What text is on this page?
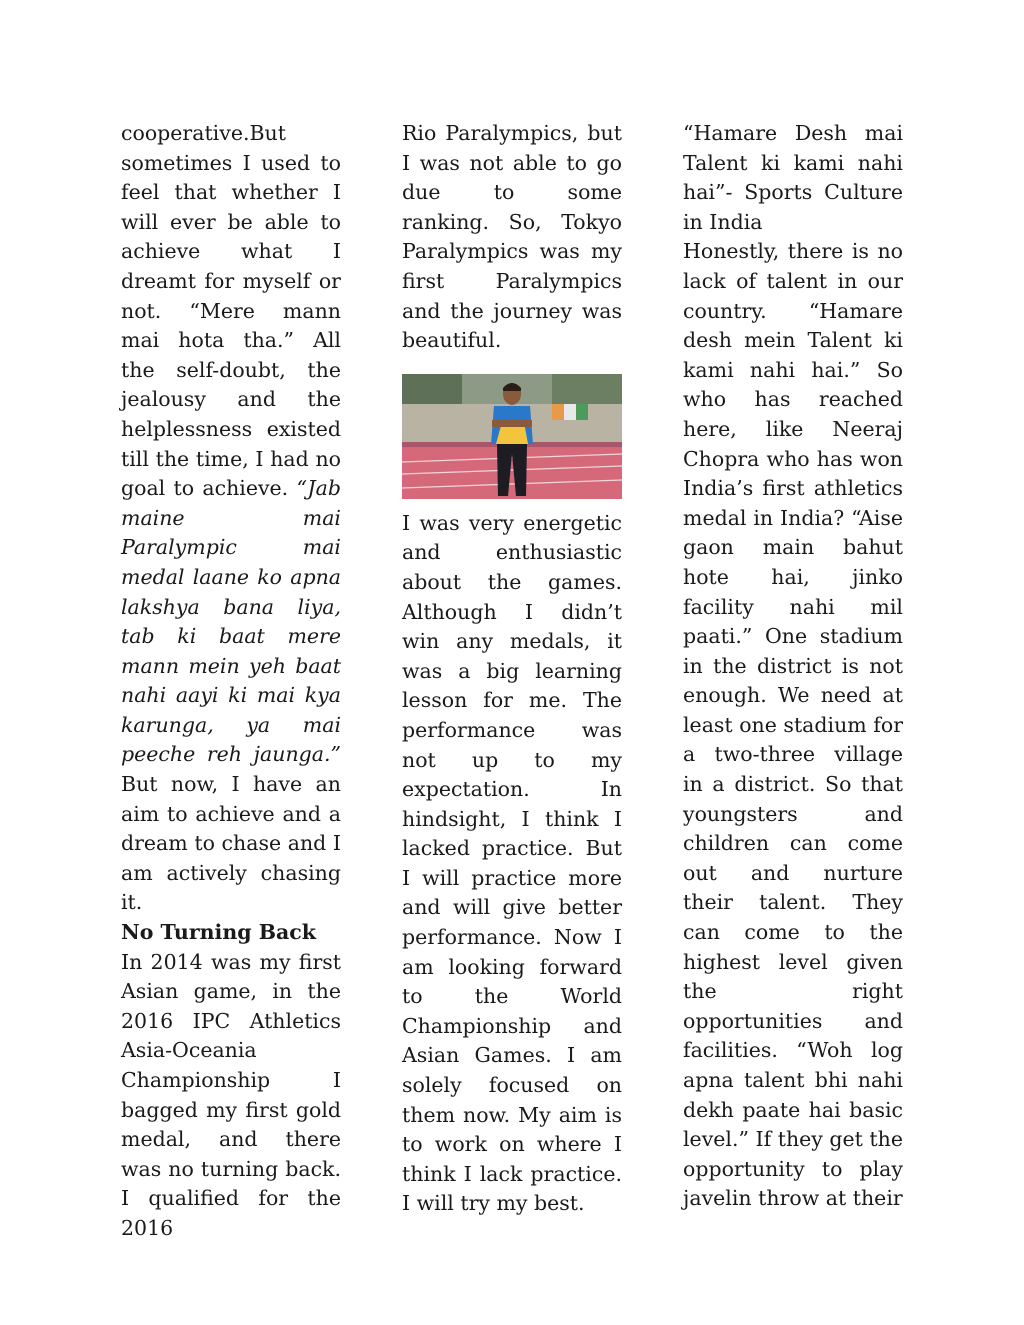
cooperative.But sometimes I used to feel that whether I will ever be able to achieve what I dreamt for myself or not. “Mere mann mai hota tha.” All the self-doubt, the jealousy and the helplessness existed till the time, I had no goal to achieve. “Jab maine mai Paralympic mai medal laane ko apna lakshya bana liya, tab ki baat mere mann mein yeh baat nahi aayi ki mai kya karunga, ya mai peeche reh jaunga.” But now, I have an aim to achieve and a dream to chase and I am actively chasing it.

No Turning Back

In 2014 was my first Asian game, in the 2016 IPC Athletics Asia-Oceania Championship I bagged my first gold medal, and there was no turning back. I qualified for the 2016

Rio Paralympics, but I was not able to go due to some ranking. So, Tokyo Paralympics was my first Paralympics and the journey was beautiful.

I was very energetic and enthusiastic about the games. Although I didn’t win any medals, it was a big learning lesson for me. The performance was not up to my expectation. In hindsight, I think I lacked practice. But I will practice more and will give better performance. Now I am looking forward to the World Championship and Asian Games. I am solely focused on them now. My aim is to work on where I think I lack practice. I will try my best.

“Hamare Desh mai Talent ki kami nahi hai”- Sports Culture in India

Honestly, there is no lack of talent in our country. “Hamare desh mein Talent ki kami nahi hai.” So who has reached here, like Neeraj Chopra who has won India’s first athletics medal in India? “Aise gaon main bahut hote hai, jinko facility nahi mil paati.” One stadium in the district is not enough. We need at least one stadium for a two-three village in a district. So that youngsters and children can come out and nurture their talent. They can come to the highest level given the right opportunities and facilities. “Woh log apna talent bhi nahi dekh paate hai basic level.” If they get the opportunity to play javelin throw at their
